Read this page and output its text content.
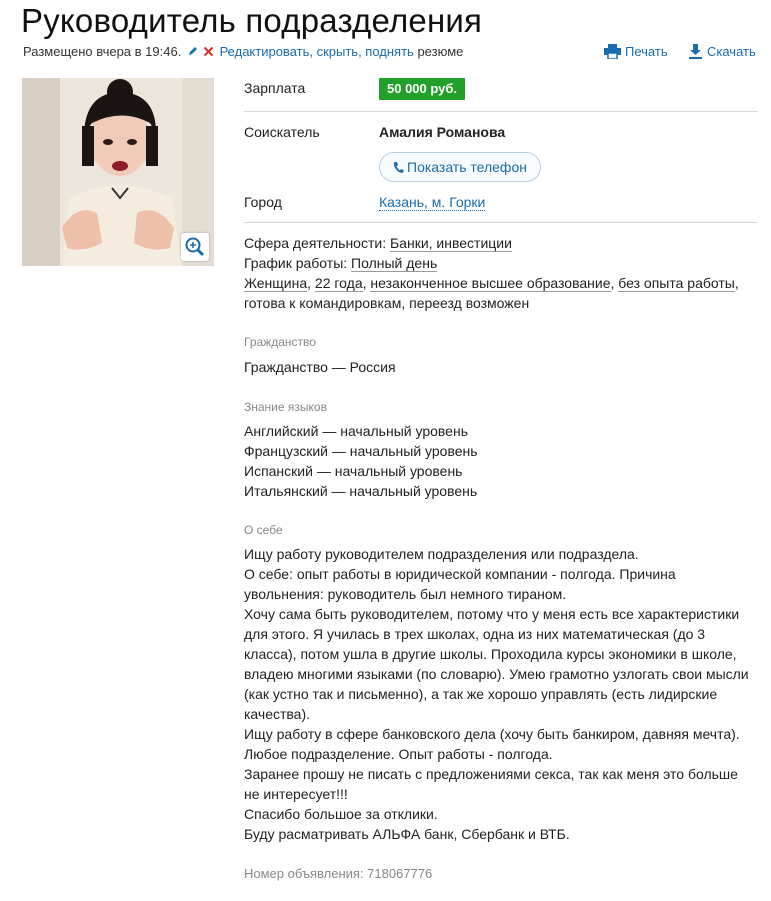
Руководитель подразделения
Размещено вчера в 19:46.	Редактировать, скрыть, поднять резюме	Печать	Скачать
Зарплата	50 000 руб.
Соискатель	Амалия Романова
Показать телефон
Город	Казань, м. Горки
Сфера деятельности: Банки, инвестиции
График работы: Полный день
Женщина, 22 года, незаконченное высшее образование, без опыта работы,
готова к командировкам, переезд возможен
Гражданство
Гражданство — Россия
Знание языков
Английский — начальный уровень
Французский — начальный уровень
Испанский — начальный уровень
Итальянский — начальный уровень
О себе
Ищу работу руководителем подразделения или подраздела.
О себе: опыт работы в юридической компании - полгода. Причина
увольнения: руководитель был немного тираном.
Хочу сама быть руководителем, потому что у меня есть все характеристики
для этого. Я училась в трех школах, одна из них математическая (до 3
класса), потом ушла в другие школы. Проходила курсы экономики в школе,
владею многими языками (по словарю). Умею грамотно узлогать свои мысли
(как устно так и письменно), а так же хорошо управлять (есть лидирские
качества).
Ищу работу в сфере банковского дела (хочу быть банкиром, давняя мечта).
Любое подразделение. Опыт работы - полгода.
Заранее прошу не писать с предложениями секса, так как меня это больше
не интересует!!!
Спасибо большое за отклики.
Буду расматривать АЛЬФА банк, Сбербанк и ВТБ.
Номер объявления: 718067776
